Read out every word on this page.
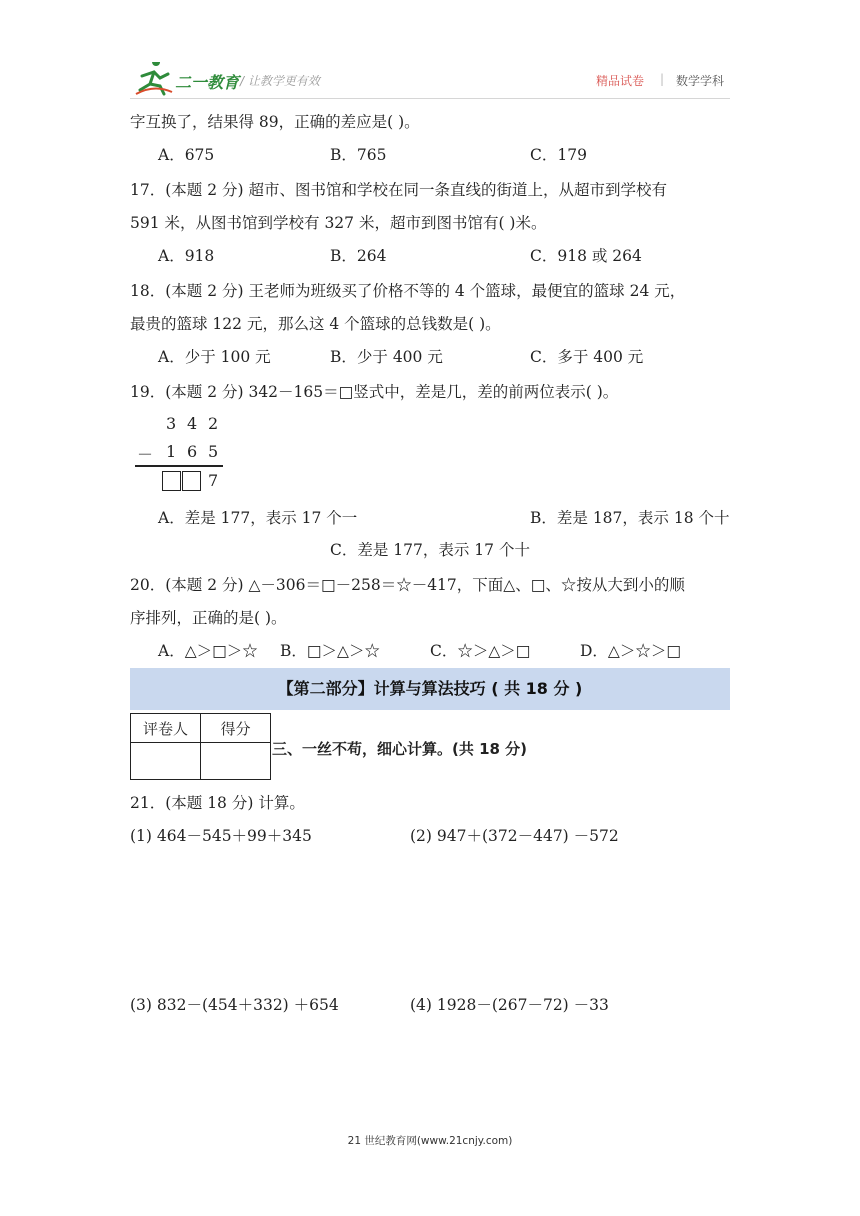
二一教育 / 让教学更有效	精品试卷 | 数学学科
字互换了，结果得 89，正确的差应是( )。
A．675	B．765	C．179
17．(本题 2 分) 超市、图书馆和学校在同一条直线的街道上，从超市到学校有
591 米，从图书馆到学校有 327 米，超市到图书馆有( )米。
A．918	B．264	C．918 或 264
18．(本题 2 分) 王老师为班级买了价格不等的 4 个篮球，最便宜的篮球 24 元，
最贵的篮球 122 元，那么这 4 个篮球的总钱数是( )。
A．少于 100 元	B．少于 400 元	C．多于 400 元
19．(本题 2 分) 342－165＝□竖式中，差是几，差的前两位表示( )。
3 4 2
－ 1 6 5
7
A．差是 177，表示 17 个一	B．差是 187，表示 18 个十
C．差是 177，表示 17 个十
20．(本题 2 分) △－306＝□－258＝☆－417，下面△、□、☆按从大到小的顺
序排列，正确的是( )。
A．△＞□＞☆ B．□＞△＞☆	C．☆＞△＞□	D．△＞☆＞□
【第二部分】计算与算法技巧 ( 共 18 分 )
评卷人	得分

三、一丝不苟，细心计算。(共 18 分)
21．(本题 18 分) 计算。
(1) 464－545＋99＋345	(2) 947＋(372－447) －572
(3) 832－(454＋332) ＋654	(4) 1928－(267－72) －33
21 世纪教育网(www.21cnjy.com)
